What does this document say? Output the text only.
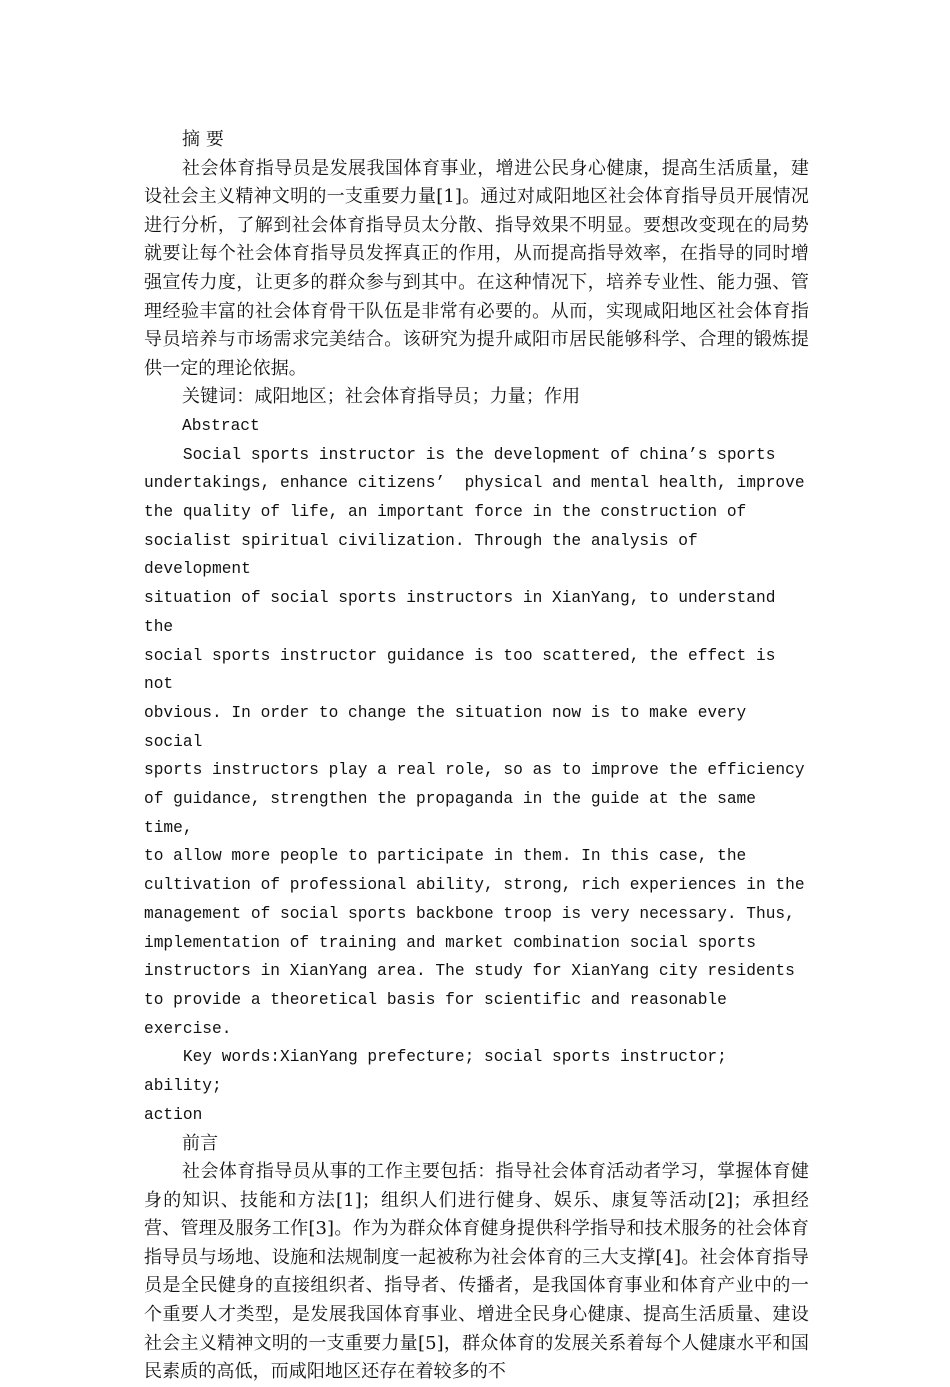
摘 要

社会体育指导员是发展我国体育事业，增进公民身心健康，提高生活质量，建设社会主义精神文明的一支重要力量[1]。通过对咸阳地区社会体育指导员开展情况进行分析，了解到社会体育指导员太分散、指导效果不明显。要想改变现在的局势就要让每个社会体育指导员发挥真正的作用，从而提高指导效率，在指导的同时增强宣传力度，让更多的群众参与到其中。在这种情况下，培养专业性、能力强、管理经验丰富的社会体育骨干队伍是非常有必要的。从而，实现咸阳地区社会体育指导员培养与市场需求完美结合。该研究为提升咸阳市居民能够科学、合理的锻炼提供一定的理论依据。

关键词：咸阳地区；社会体育指导员；力量；作用

Abstract

Social sports instructor is the development of china’s sports
undertakings, enhance citizens’  physical and mental health, improve
the quality of life, an important force in the construction of
socialist spiritual civilization. Through the analysis of development
situation of social sports instructors in XianYang, to understand the
social sports instructor guidance is too scattered, the effect is not
obvious. In order to change the situation now is to make every social
sports instructors play a real role, so as to improve the efficiency
of guidance, strengthen the propaganda in the guide at the same time,
to allow more people to participate in them. In this case, the
cultivation of professional ability, strong, rich experiences in the
management of social sports backbone troop is very necessary. Thus,
implementation of training and market combination social sports
instructors in XianYang area. The study for XianYang city residents
to provide a theoretical basis for scientific and reasonable
exercise.
Key words:XianYang prefecture; social sports instructor; ability;
action

前言

社会体育指导员从事的工作主要包括：指导社会体育活动者学习，掌握体育健身的知识、技能和方法[1]；组织人们进行健身、娱乐、康复等活动[2]；承担经营、管理及服务工作[3]。作为为群众体育健身提供科学指导和技术服务的社会体育指导员与场地、设施和法规制度一起被称为社会体育的三大支撑[4]。社会体育指导员是全民健身的直接组织者、指导者、传播者，是我国体育事业和体育产业中的一个重要人才类型，是发展我国体育事业、增进全民身心健康、提高生活质量、建设社会主义精神文明的一支重要力量[5]，群众体育的发展关系着每个人健康水平和国民素质的高低，而咸阳地区还存在着较多的不
